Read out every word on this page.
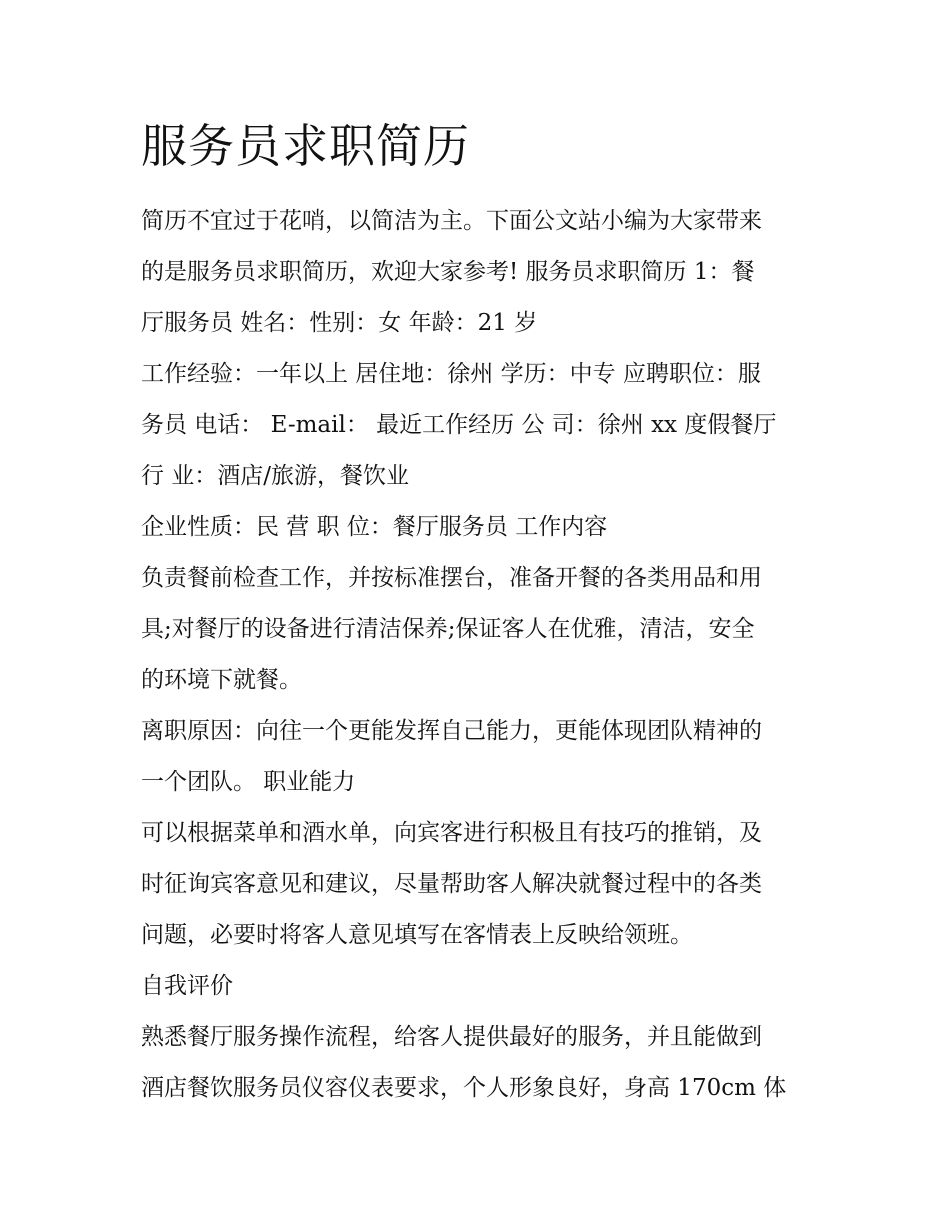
服务员求职简历
简历不宜过于花哨，以简洁为主。下面公文站小编为大家带来
的是服务员求职简历，欢迎大家参考! 服务员求职简历 1：餐
厅服务员 姓名：性别：女 年龄：21 岁
工作经验：一年以上 居住地：徐州 学历：中专 应聘职位：服
务员 电话： E-mail： 最近工作经历 公 司：徐州 xx 度假餐厅
行 业：酒店/旅游，餐饮业
企业性质：民 营 职 位：餐厅服务员 工作内容
负责餐前检查工作，并按标准摆台，准备开餐的各类用品和用
具;对餐厅的设备进行清洁保养;保证客人在优雅，清洁，安全
的环境下就餐。
离职原因：向往一个更能发挥自己能力，更能体现团队精神的
一个团队。 职业能力
可以根据菜单和酒水单，向宾客进行积极且有技巧的推销，及
时征询宾客意见和建议，尽量帮助客人解决就餐过程中的各类
问题，必要时将客人意见填写在客情表上反映给领班。
自我评价
熟悉餐厅服务操作流程，给客人提供最好的服务，并且能做到
酒店餐饮服务员仪容仪表要求，个人形象良好，身高 170cm 体
